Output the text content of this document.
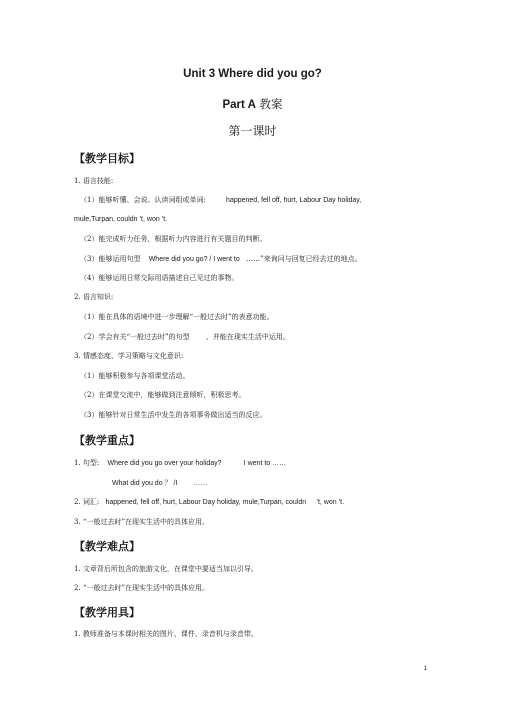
Unit 3 Where did you go?
Part A 教案
第一课时
【教学目标】
1. 语言技能:
（1）能够听懂、会说、认读词组或单词:	happened, fell off, hurt, Labour Day holiday,
mule,Turpan, couldn ’t, won ’t.
（2）能完成听力任务，根据听力内容进行有关题目的判断。
（3）能够运用句型 Where did you go? / I went to ……”来询问与回复已经去过的地点。
（4）能够运用日常交际用语描述自己见过的事物。
2. 语言知识:
（1）能在具体的语境中进一步理解“一般过去时”的表意功能。
（2）学会有关“一般过去时”的句型 、并能在现实生活中运用。
3. 情感态度、学习策略与文化意识:
（1）能够积极参与各项课堂活动。
（2）在课堂交流中，能够做到注意倾听，积极思考。
（3）能够针对日常生活中发生的各项事务做出适当的反应。
【教学重点】
1. 句型: Where did you go over your holiday?	I went to ……
What did you do ？ /I ……
2. 词汇: happened, fell off, hurt, Labour Day holiday, mule,Turpan, couldn ’t, won ’t.
3. “一般过去时”在现实生活中的具体应用。
【教学难点】
1. 文章背后所包含的旅游文化，在课堂中要适当加以引导。
2. “一般过去时”在现实生活中的具体应用。
【教学用具】
1. 教师准备与本课时相关的图片、课件、录音机与录音带。
1
